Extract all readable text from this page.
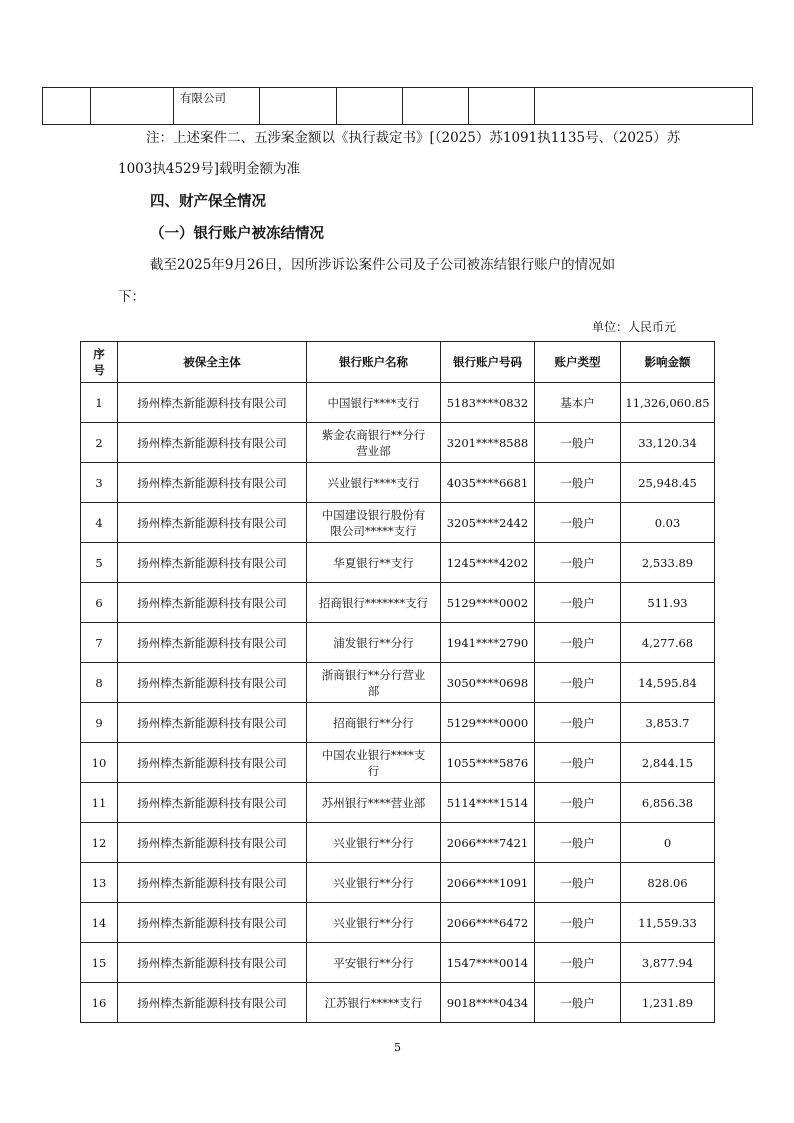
		有限公司					
注：上述案件二、五涉案金额以《执行裁定书》[（2025）苏1091执1135号、（2025）苏
1003执4529号]载明金额为准
四、财产保全情况
（一）银行账户被冻结情况
截至2025年9月26日，因所涉诉讼案件公司及子公司被冻结银行账户的情况如
下：
单位：人民币元
序
号	被保全主体	银行账户名称	银行账户号码	账户类型	影响金额
1	扬州棒杰新能源科技有限公司	中国银行****支行	5183****0832	基本户	11,326,060.85
2	扬州棒杰新能源科技有限公司	紫金农商银行**分行
营业部	3201****8588	一般户	33,120.34
3	扬州棒杰新能源科技有限公司	兴业银行****支行	4035****6681	一般户	25,948.45
4	扬州棒杰新能源科技有限公司	中国建设银行股份有
限公司*****支行	3205****2442	一般户	0.03
5	扬州棒杰新能源科技有限公司	华夏银行**支行	1245****4202	一般户	2,533.89
6	扬州棒杰新能源科技有限公司	招商银行*******支行	5129****0002	一般户	511.93
7	扬州棒杰新能源科技有限公司	浦发银行**分行	1941****2790	一般户	4,277.68
8	扬州棒杰新能源科技有限公司	浙商银行**分行营业
部	3050****0698	一般户	14,595.84
9	扬州棒杰新能源科技有限公司	招商银行**分行	5129****0000	一般户	3,853.7
10	扬州棒杰新能源科技有限公司	中国农业银行****支
行	1055****5876	一般户	2,844.15
11	扬州棒杰新能源科技有限公司	苏州银行****营业部	5114****1514	一般户	6,856.38
12	扬州棒杰新能源科技有限公司	兴业银行**分行	2066****7421	一般户	0
13	扬州棒杰新能源科技有限公司	兴业银行**分行	2066****1091	一般户	828.06
14	扬州棒杰新能源科技有限公司	兴业银行**分行	2066****6472	一般户	11,559.33
15	扬州棒杰新能源科技有限公司	平安银行**分行	1547****0014	一般户	3,877.94
16	扬州棒杰新能源科技有限公司	江苏银行*****支行	9018****0434	一般户	1,231.89
5
